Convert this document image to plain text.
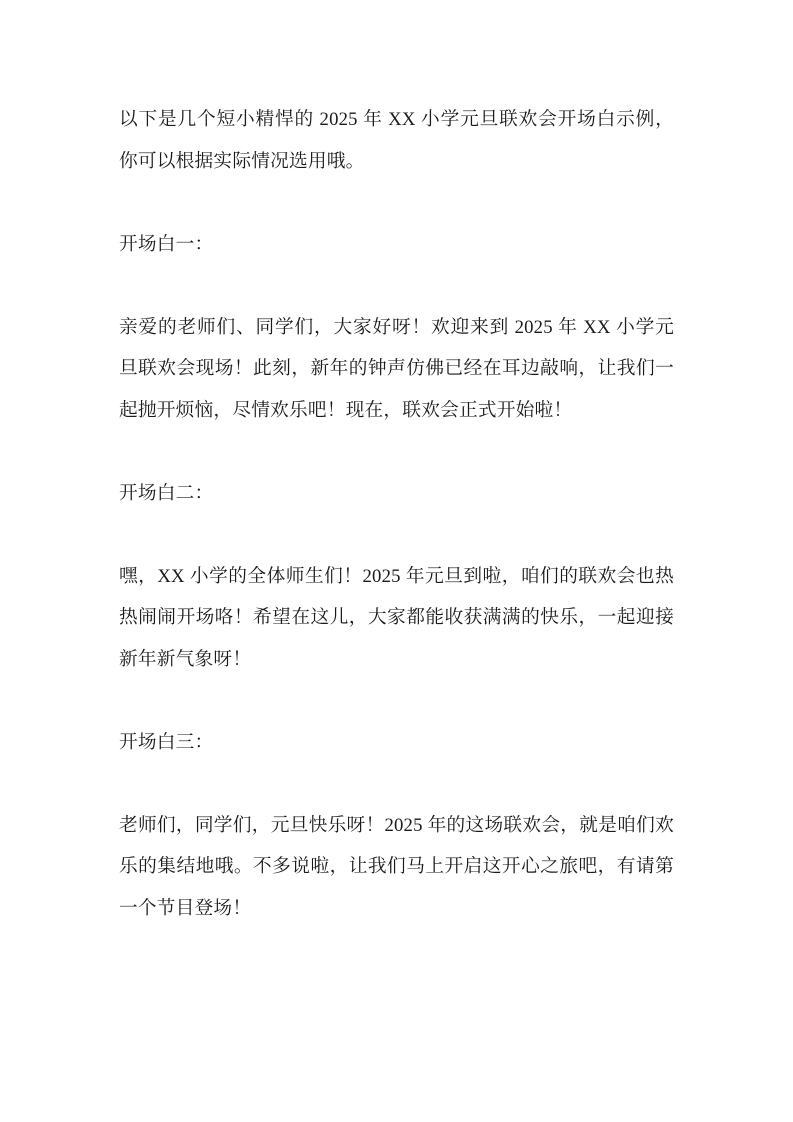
以下是几个短小精悍的 2025 年 XX 小学元旦联欢会开场白示例，你可以根据实际情况选用哦。

开场白一：

亲爱的老师们、同学们，大家好呀！欢迎来到 2025 年 XX 小学元旦联欢会现场！此刻，新年的钟声仿佛已经在耳边敲响，让我们一起抛开烦恼，尽情欢乐吧！现在，联欢会正式开始啦！

开场白二：

嘿，XX 小学的全体师生们！2025 年元旦到啦，咱们的联欢会也热热闹闹开场咯！希望在这儿，大家都能收获满满的快乐，一起迎接新年新气象呀！

开场白三：

老师们，同学们，元旦快乐呀！2025 年的这场联欢会，就是咱们欢乐的集结地哦。不多说啦，让我们马上开启这开心之旅吧，有请第一个节目登场！
